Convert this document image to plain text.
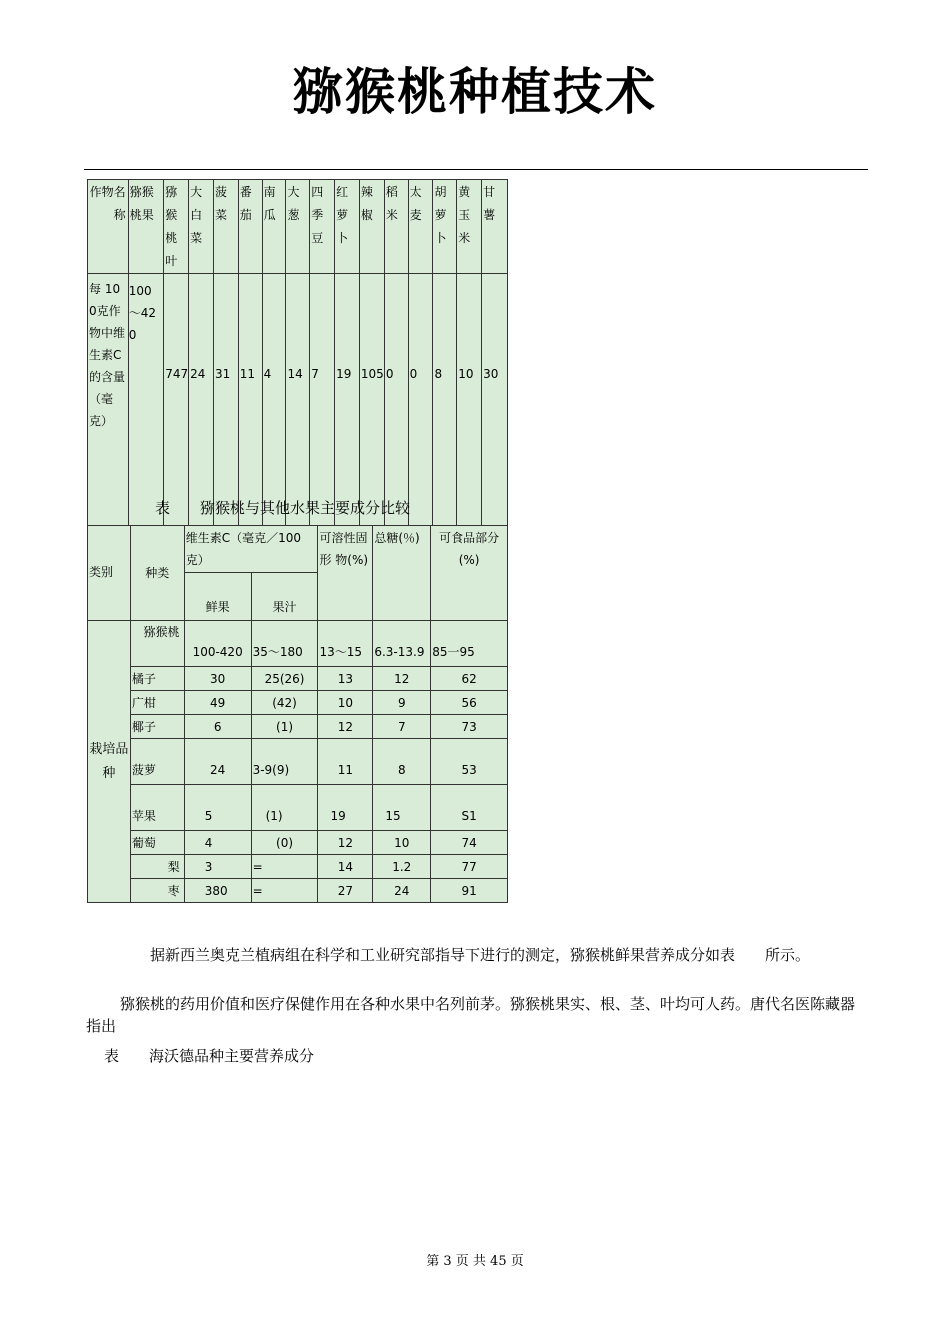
猕猴桃种植技术
作物名称	猕猴桃果	猕猴桃叶	大白菜	菠菜	番茄	南瓜	大葱	四季豆	红萝卜	辣椒	稻米	太麦	胡萝卜	黄玉米	甘薯
每 100克作物中维生素C的含量（毫克）	100～420	747	24	31	11	4	14	7	19	105	0	0	8	10	30
表　　猕猴桃与其他水果主要成分比较
类别	种类	维生素C（毫克／100克）		可溶性固 形 物(%)	总糖(％)	可食品部分(%)
		鲜果	果汁			
栽培品种	猕猴桃	100-420	35～180	13～15	6.3-13.9	85一95
	橘子	30	25(26)	13	12	62
	广柑	49	(42)	10	9	56
	椰子	6	(1)	12	7	73
	菠萝	24	3-9(9)	11	8	53
	苹果	5	(1)	19	15	S1
	葡萄	4	(0)	12	10	74
	梨	3	=	14	1.2	77
	枣	380	=	27	24	91

据新西兰奥克兰植病组在科学和工业研究部指导下进行的测定，猕猴桃鲜果营养成分如表　　所示。

猕猴桃的药用价值和医疗保健作用在各种水果中名列前茅。猕猴桃果实、根、茎、叶均可人药。唐代名医陈藏器指出

表　　海沃德品种主要营养成分
第 3 页 共 45 页
